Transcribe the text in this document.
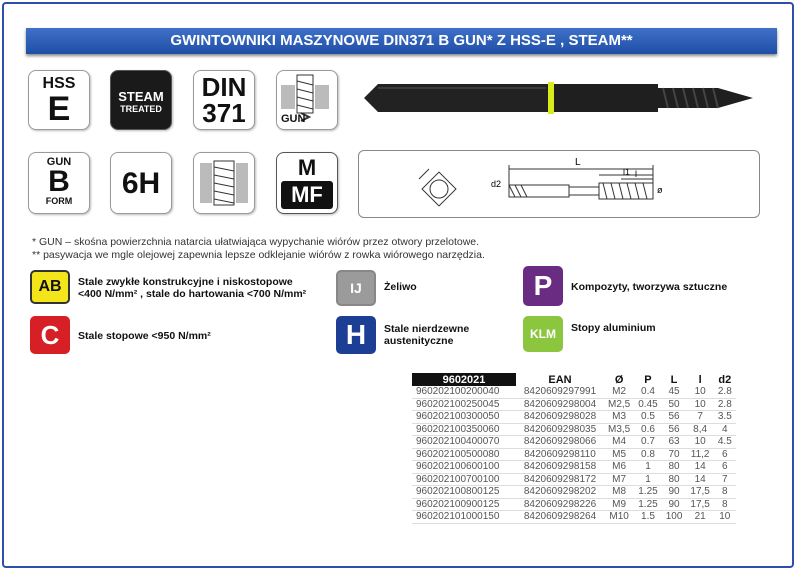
GWINTOWNIKI MASZYNOWE DIN371 B GUN* Z HSS-E , STEAM**
HSS
E	STEAM
TREATED
DIN
371	GUN
GUN
B
FORM
6H	M
MF
L
l1 l
d2
ø
* GUN – skośna powierzchnia natarcia ułatwiająca wypychanie wiórów przez otwory przelotowe.
** pasywacja we mgle olejowej zapewnia lepsze odklejanie wiórów z rowka wiórowego narzędzia.
AB	Stale zwykłe konstrukcyjne i niskostopowe
<400 N/mm² , stale do hartowania <700 N/mm²
C	Stale stopowe <950 N/mm²
IJ	Żeliwo
H	Stale nierdzewne
austenityczne
P	Kompozyty, tworzywa sztuczne
KLM	Stopy aluminium
9602021	EAN	Ø	P	L	l	d2
960202100200040	8420609297991	M2	0.4	45	10	2.8
960202100250045	8420609298004	M2,5	0.45	50	10	2.8
960202100300050	8420609298028	M3	0.5	56	7	3.5
960202100350060	8420609298035	M3,5	0.6	56	8,4	4
960202100400070	8420609298066	M4	0.7	63	10	4.5
960202100500080	8420609298110	M5	0.8	70	11,2	6
960202100600100	8420609298158	M6	1	80	14	6
960202100700100	8420609298172	M7	1	80	14	7
960202100800125	8420609298202	M8	1.25	90	17,5	8
960202100900125	8420609298226	M9	1.25	90	17,5	8
960202101000150	8420609298264	M10	1.5	100	21	10
